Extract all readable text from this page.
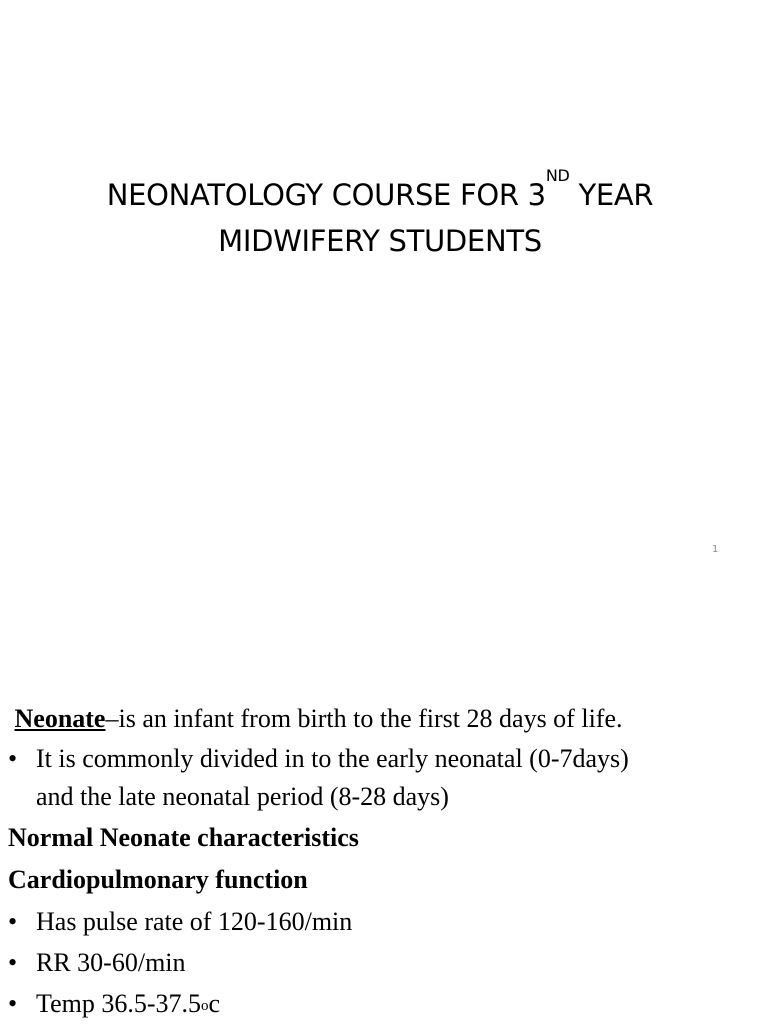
NEONATOLOGY COURSE FOR 3ND YEAR
MIDWIFERY STUDENTS
1

Neonate–is an infant from birth to the first 28 days of life.

• It is commonly divided in to the early neonatal (0-7days)
and the late neonatal period (8-28 days)

Normal Neonate characteristics

Cardiopulmonary function

• Has pulse rate of 120-160/min
• RR 30-60/min
• Temp 36.5-37.5$^o$c
